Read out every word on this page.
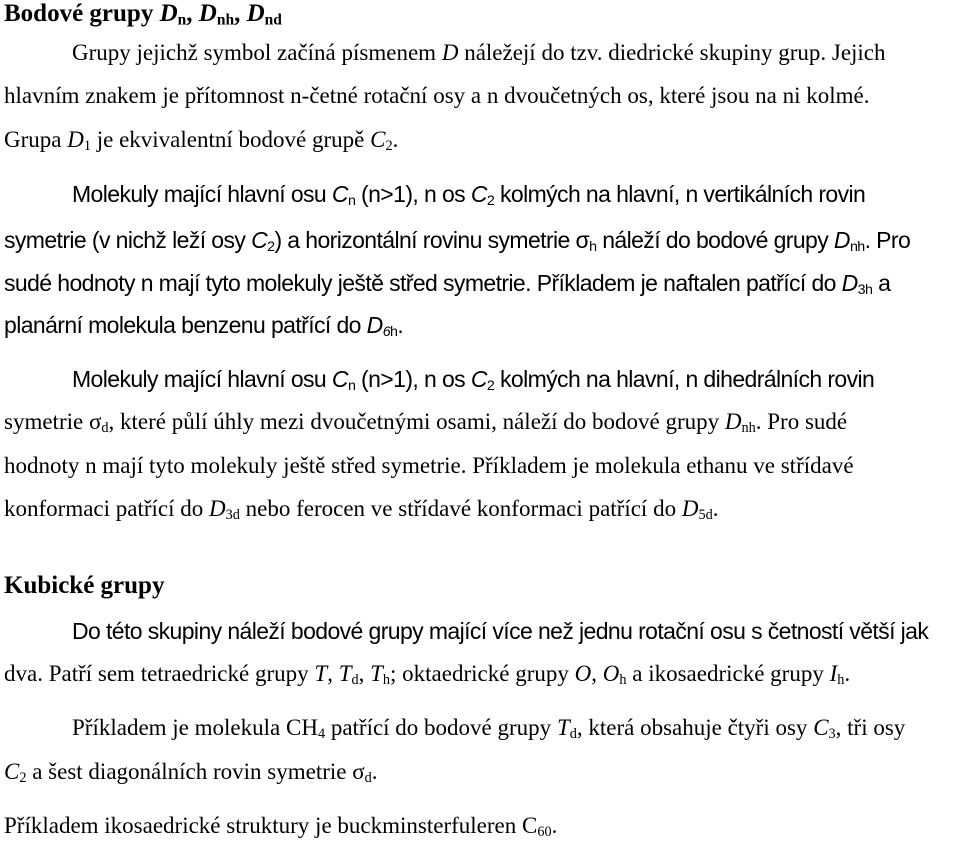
Bodové grupy $D_n$, $D_{nh}$, $D_{nd}$
Grupy jejichž symbol začíná písmenem D náležejí do tzv. diedrické skupiny grup. Jejich
hlavním znakem je přítomnost n-četné rotační osy a n dvoučetných os, které jsou na ni kolmé.
Grupa $D_1$ je ekvivalentní bodové grupě $C_2$.
Molekuly mající hlavní osu $C_n$ (n>1), n os $C_2$ kolmých na hlavní, n vertikálních rovin
symetrie (v nichž leží osy $C_2$) a horizontální rovinu symetrie $\sigma_h$ náleží do bodové grupy $D_{nh}$. Pro
sudé hodnoty n mají tyto molekuly ještě střed symetrie. Příkladem je naftalen patřící do $D_{3h}$ a
planární molekula benzenu patřící do $D_{6h}$.
Molekuly mající hlavní osu $C_n$ (n>1), n os $C_2$ kolmých na hlavní, n dihedrálních rovin
symetrie $\sigma_d$, které půlí úhly mezi dvoučetnými osami, náleží do bodové grupy $D_{nh}$. Pro sudé
hodnoty n mají tyto molekuly ještě střed symetrie. Příkladem je molekula ethanu ve střídavé
konformaci patřící do $D_{3d}$ nebo ferocen ve střídavé konformaci patřící do $D_{5d}$.
Kubické grupy
Do této skupiny náleží bodové grupy mající více než jednu rotační osu s četností větší jak
dva. Patří sem tetraedrické grupy T, $T_d$, $T_h$; oktaedrické grupy O, $O_h$ a ikosaedrické grupy $I_h$.
Příkladem je molekula $CH_4$ patřící do bodové grupy $T_d$, která obsahuje čtyři osy $C_3$, tři osy
$C_2$ a šest diagonálních rovin symetrie $\sigma_d$.
Příkladem ikosaedrické struktury je buckminsterfuleren $C_{60}$.
